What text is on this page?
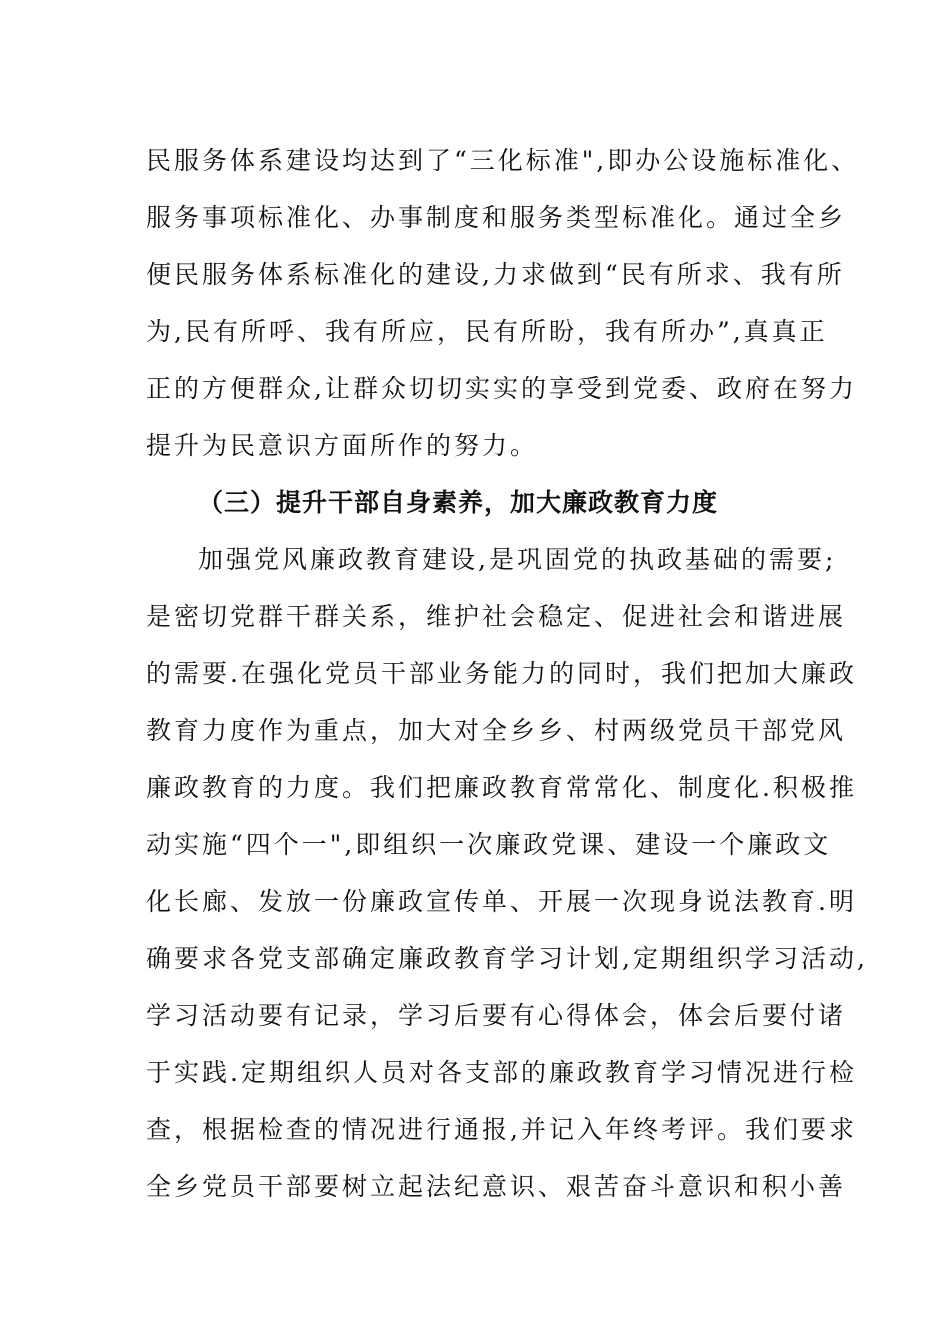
民服务体系建设均达到了“三化标准",即办公设施标准化、
服务事项标准化、办事制度和服务类型标准化。通过全乡
便民服务体系标准化的建设,力求做到“民有所求、我有所
为,民有所呼、我有所应，民有所盼，我有所办”,真真正
正的方便群众,让群众切切实实的享受到党委、政府在努力
提升为民意识方面所作的努力。
（三）提升干部自身素养，加大廉政教育力度
加强党风廉政教育建设,是巩固党的执政基础的需要;
是密切党群干群关系，维护社会稳定、促进社会和谐进展
的需要.在强化党员干部业务能力的同时，我们把加大廉政
教育力度作为重点，加大对全乡乡、村两级党员干部党风
廉政教育的力度。我们把廉政教育常常化、制度化.积极推
动实施“四个一",即组织一次廉政党课、建设一个廉政文
化长廊、发放一份廉政宣传单、开展一次现身说法教育.明
确要求各党支部确定廉政教育学习计划,定期组织学习活动,
学习活动要有记录，学习后要有心得体会，体会后要付诸
于实践.定期组织人员对各支部的廉政教育学习情况进行检
查，根据检查的情况进行通报,并记入年终考评。我们要求
全乡党员干部要树立起法纪意识、艰苦奋斗意识和积小善
